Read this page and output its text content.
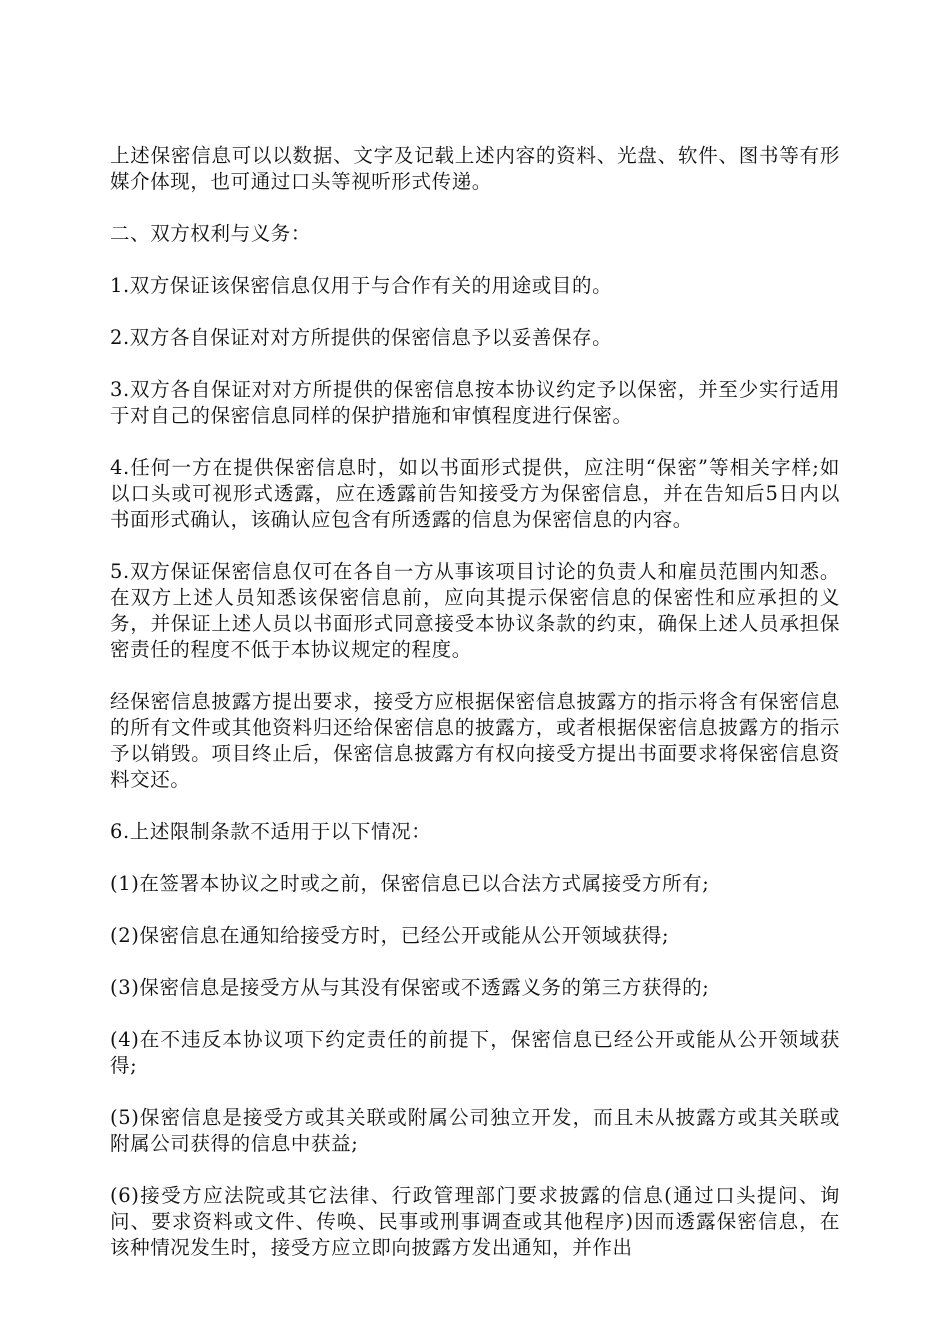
上述保密信息可以以数据、文字及记载上述内容的资料、光盘、软件、图书等有形媒介体现，也可通过口头等视听形式传递。

二、双方权利与义务：

1.双方保证该保密信息仅用于与合作有关的用途或目的。

2.双方各自保证对对方所提供的保密信息予以妥善保存。

3.双方各自保证对对方所提供的保密信息按本协议约定予以保密，并至少实行适用于对自己的保密信息同样的保护措施和审慎程度进行保密。

4.任何一方在提供保密信息时，如以书面形式提供，应注明“保密”等相关字样;如以口头或可视形式透露，应在透露前告知接受方为保密信息，并在告知后5日内以书面形式确认，该确认应包含有所透露的信息为保密信息的内容。

5.双方保证保密信息仅可在各自一方从事该项目讨论的负责人和雇员范围内知悉。在双方上述人员知悉该保密信息前，应向其提示保密信息的保密性和应承担的义务，并保证上述人员以书面形式同意接受本协议条款的约束，确保上述人员承担保密责任的程度不低于本协议规定的程度。

经保密信息披露方提出要求，接受方应根据保密信息披露方的指示将含有保密信息的所有文件或其他资料归还给保密信息的披露方，或者根据保密信息披露方的指示予以销毁。项目终止后，保密信息披露方有权向接受方提出书面要求将保密信息资料交还。

6.上述限制条款不适用于以下情况：

(1)在签署本协议之时或之前，保密信息已以合法方式属接受方所有;

(2)保密信息在通知给接受方时，已经公开或能从公开领域获得;

(3)保密信息是接受方从与其没有保密或不透露义务的第三方获得的;

(4)在不违反本协议项下约定责任的前提下，保密信息已经公开或能从公开领域获得;

(5)保密信息是接受方或其关联或附属公司独立开发，而且未从披露方或其关联或附属公司获得的信息中获益;

(6)接受方应法院或其它法律、行政管理部门要求披露的信息(通过口头提问、询问、要求资料或文件、传唤、民事或刑事调查或其他程序)因而透露保密信息，在该种情况发生时，接受方应立即向披露方发出通知，并作出
